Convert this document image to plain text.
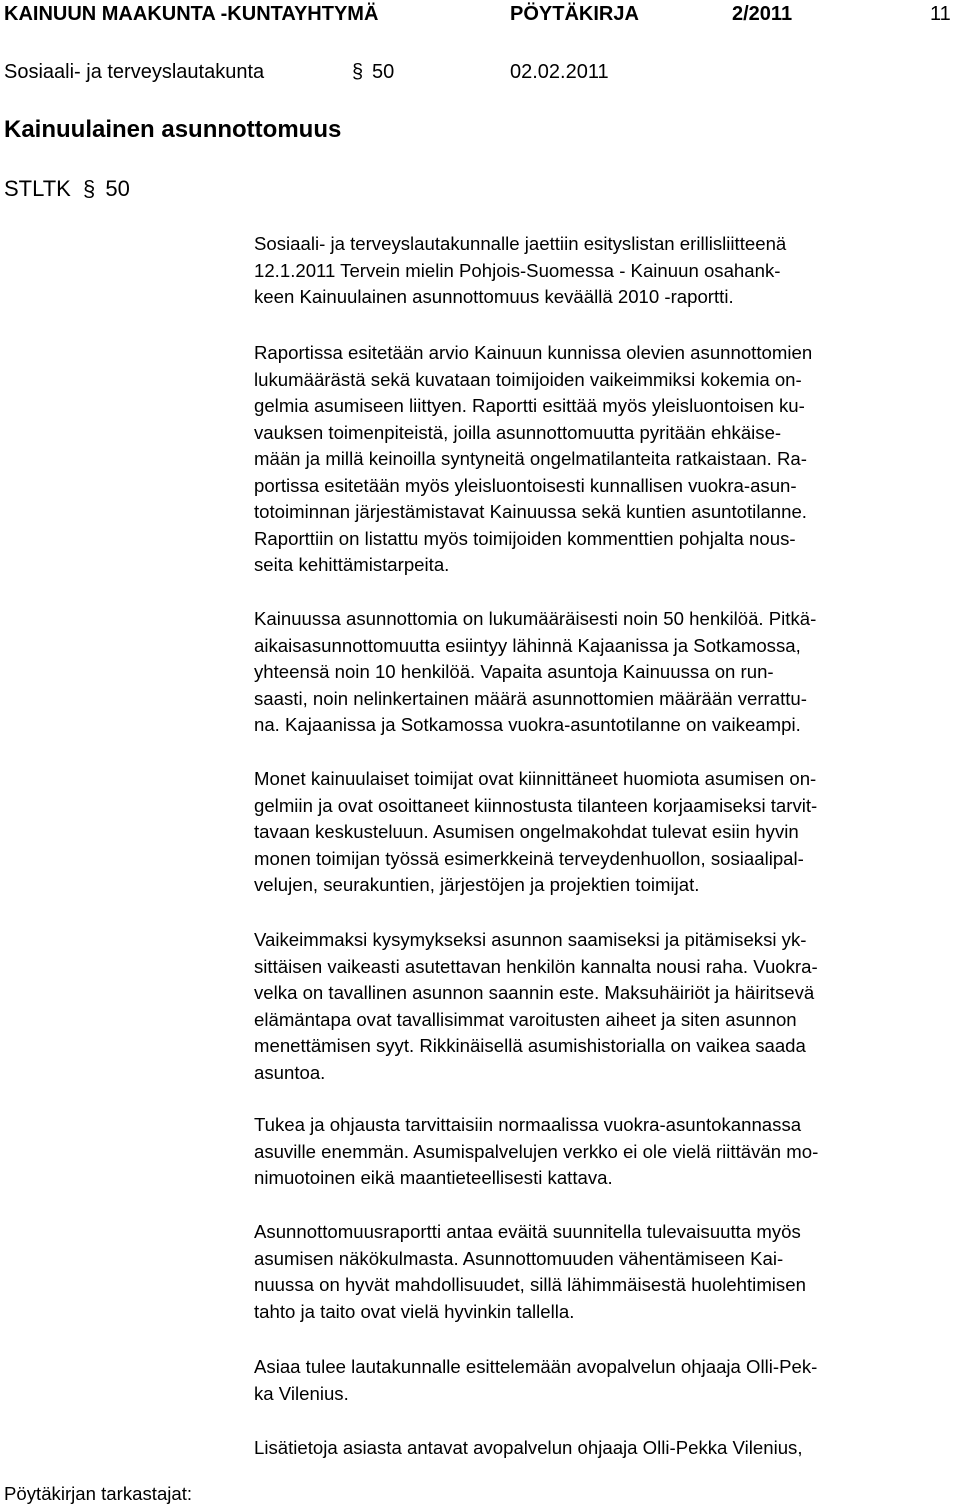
KAINUUN MAAKUNTA -KUNTAYHTYMÄ	PÖYTÄKIRJA	2/2011	11
Sosiaali- ja terveyslautakunta	§ 50	02.02.2011
Kainuulainen asunnottomuus
STLTK § 50
Sosiaali- ja terveyslautakunnalle jaettiin esityslistan erillisliitteenä
12.1.2011 Tervein mielin Pohjois-Suomessa - Kainuun osahank-
keen Kainuulainen asunnottomuus keväällä 2010 -raportti.
Raportissa esitetään arvio Kainuun kunnissa olevien asunnottomien
lukumäärästä sekä kuvataan toimijoiden vaikeimmiksi kokemia on-
gelmia asumiseen liittyen. Raportti esittää myös yleisluontoisen ku-
vauksen toimenpiteistä, joilla asunnottomuutta pyritään ehkäise-
mään ja millä keinoilla syntyneitä ongelmatilanteita ratkaistaan. Ra-
portissa esitetään myös yleisluontoisesti kunnallisen vuokra-asun-
totoiminnan järjestämistavat Kainuussa sekä kuntien asuntotilanne.
Raporttiin on listattu myös toimijoiden kommenttien pohjalta nous-
seita kehittämistarpeita.
Kainuussa asunnottomia on lukumääräisesti noin 50 henkilöä. Pitkä-
aikaisasunnottomuutta esiintyy lähinnä Kajaanissa ja Sotkamossa,
yhteensä noin 10 henkilöä. Vapaita asuntoja Kainuussa on run-
saasti, noin nelinkertainen määrä asunnottomien määrään verrattu-
na. Kajaanissa ja Sotkamossa vuokra-asuntotilanne on vaikeampi.
Monet kainuulaiset toimijat ovat kiinnittäneet huomiota asumisen on-
gelmiin ja ovat osoittaneet kiinnostusta tilanteen korjaamiseksi tarvit-
tavaan keskusteluun. Asumisen ongelmakohdat tulevat esiin hyvin
monen toimijan työssä esimerkkeinä terveydenhuollon, sosiaalipal-
velujen, seurakuntien, järjestöjen ja projektien toimijat.
Vaikeimmaksi kysymykseksi asunnon saamiseksi ja pitämiseksi yk-
sittäisen vaikeasti asutettavan henkilön kannalta nousi raha. Vuokra-
velka on tavallinen asunnon saannin este. Maksuhäiriöt ja häiritsevä
elämäntapa ovat tavallisimmat varoitusten aiheet ja siten asunnon
menettämisen syyt. Rikkinäisellä asumishistorialla on vaikea saada
asuntoa.
Tukea ja ohjausta tarvittaisiin normaalissa vuokra-asuntokannassa
asuville enemmän. Asumispalvelujen verkko ei ole vielä riittävän mo-
nimuotoinen eikä maantieteellisesti kattava.
Asunnottomuusraportti antaa eväitä suunnitella tulevaisuutta myös
asumisen näkökulmasta. Asunnottomuuden vähentämiseen Kai-
nuussa on hyvät mahdollisuudet, sillä lähimmäisestä huolehtimisen
tahto ja taito ovat vielä hyvinkin tallella.
Asiaa tulee lautakunnalle esittelemään avopalvelun ohjaaja Olli-Pek-
ka Vilenius.
Lisätietoja asiasta antavat avopalvelun ohjaaja Olli-Pekka Vilenius,
Pöytäkirjan tarkastajat:
